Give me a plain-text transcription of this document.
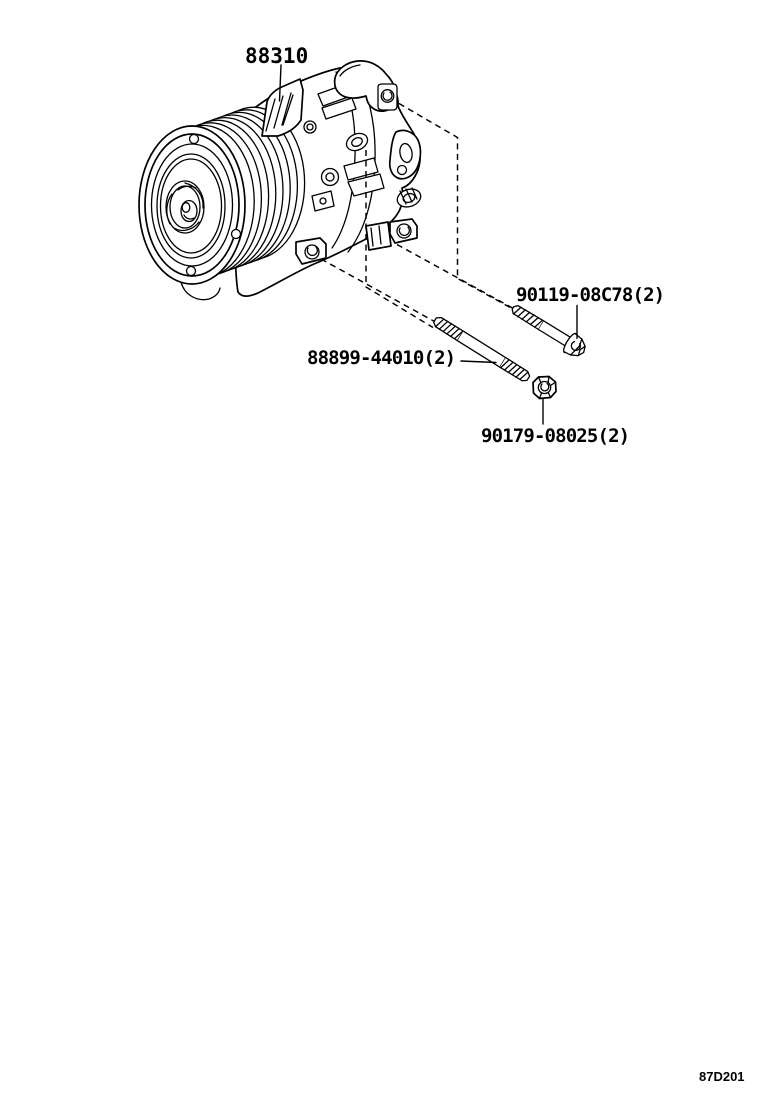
88310
90119-08C78(2)
88899-44010(2)
90179-08025(2)
87D201
